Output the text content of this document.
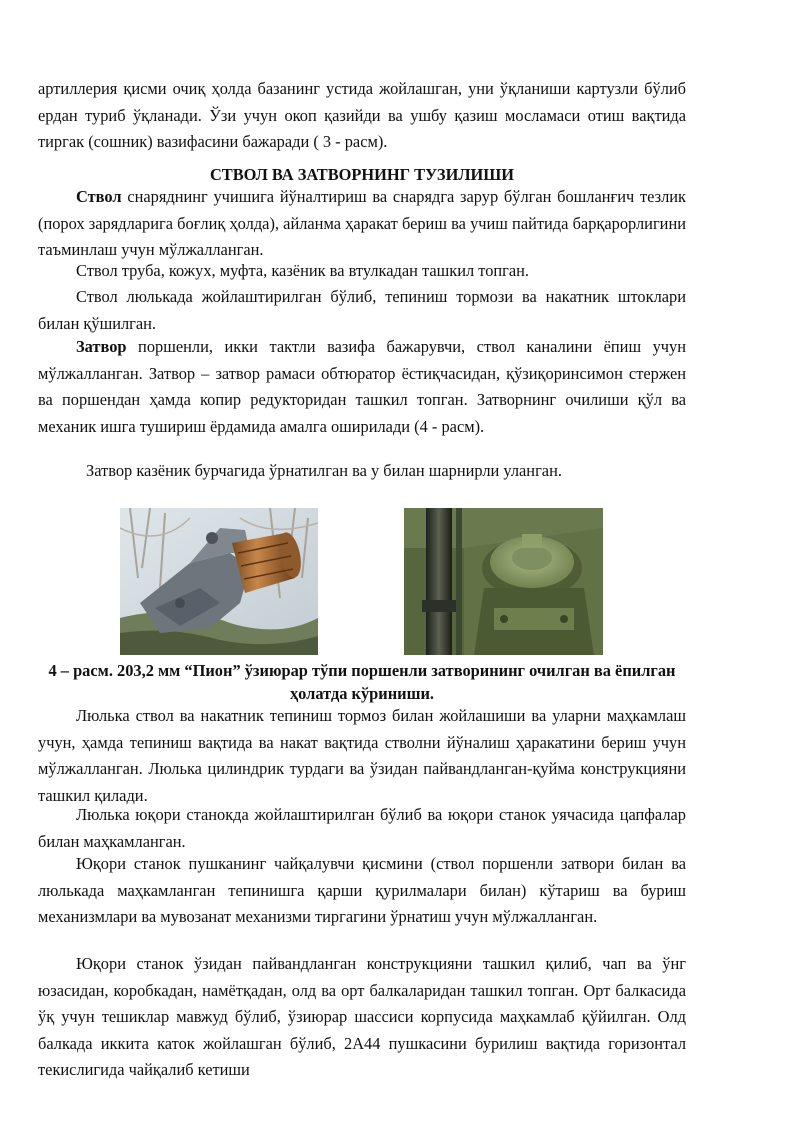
артиллерия қисми очиқ ҳолда базанинг устида жойлашган, уни ўқланиши картузли бўлиб ердан туриб ўқланади. Ўзи учун окоп қазийди ва ушбу қазиш мосламаси отиш вақтида тиргак (сошник) вазифасини бажаради ( 3 - расм).

СТВОЛ ВА ЗАТВОРНИНГ ТУЗИЛИШИ

Ствол снаряднинг учишига йўналтириш ва снарядга зарур бўлган бошланғич тезлик (порох зарядларига боғлиқ ҳолда), айланма ҳаракат бериш ва учиш пайтида барқарорлигини таъминлаш учун мўлжалланган.

Ствол труба, кожух, муфта, казёник ва втулкадан ташкил топган.

Ствол люлькада жойлаштирилган бўлиб, тепиниш тормози ва накатник штоклари билан қўшилган.

Затвор поршенли, икки тактли вазифа бажарувчи, ствол каналини ёпиш учун мўлжалланган. Затвор – затвор рамаси обтюратор ёстиқчасидан, қўзиқоринсимон стержен ва поршендан ҳамда копир редукторидан ташкил топган. Затворнинг очилиши қўл ва механик ишга тушириш ёрдамида амалга оширилади (4 - расм).

Затвор казёник бурчагида ўрнатилган ва у билан шарнирли уланган.

4 – расм. 203,2 мм “Пион” ўзиюрар тўпи поршенли затворининг очилган ва ёпилган ҳолатда кўриниши.

Люлька ствол ва накатник тепиниш тормоз билан жойлашиши ва уларни маҳкамлаш учун, ҳамда тепиниш вақтида ва накат вақтида стволни йўналиш ҳаракатини бериш учун мўлжалланган. Люлька цилиндрик турдаги ва ўзидан пайвандланган-қуйма конструкцияни ташкил қилади.

Люлька юқори станокда жойлаштирилган бўлиб ва юқори станок уячасида цапфалар билан маҳкамланган.

Юқори станок пушканинг чайқалувчи қисмини (ствол поршенли затвори билан ва люлькада маҳкамланган тепинишга қарши қурилмалари билан) кўтариш ва буриш механизмлари ва мувозанат механизми тиргагини ўрнатиш учун мўлжалланган.

Юқори станок ўзидан пайвандланган конструкцияни ташкил қилиб, чап ва ўнг юзасидан, коробкадан, намётқадан, олд ва орт балкаларидан ташкил топган. Орт балкасида ўқ учун тешиклар мавжуд бўлиб, ўзиюрар шассиси корпусида маҳкамлаб қўйилган. Олд балкада иккита каток жойлашган бўлиб, 2А44 пушкасини бурилиш вақтида горизонтал текислигида чайқалиб кетиши
